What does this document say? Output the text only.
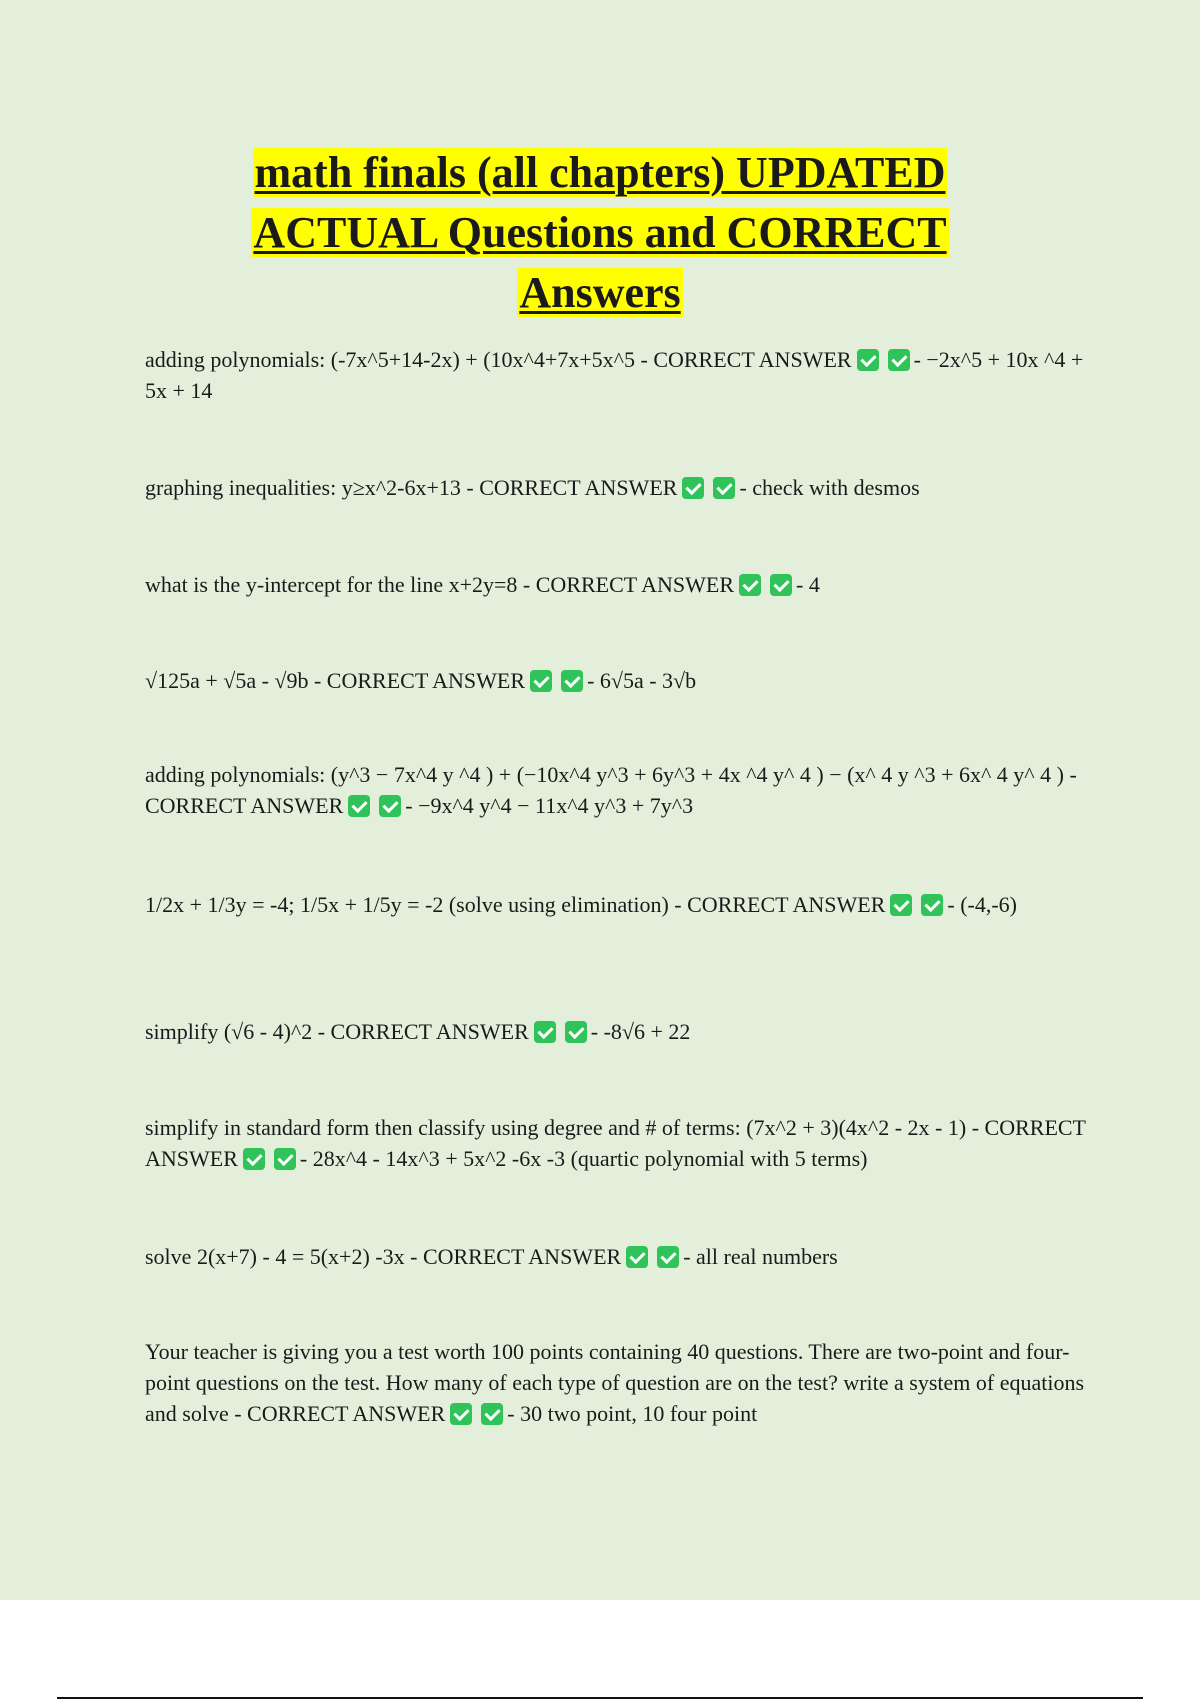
math finals (all chapters) UPDATED
ACTUAL Questions and CORRECT
Answers

adding polynomials: (-7x^5+14-2x) + (10x^4+7x+5x^5 - CORRECT ANSWER	- −2x^5 + 10x ^4 + 5x + 14

graphing inequalities: y≥x^2-6x+13 - CORRECT ANSWER	- check with desmos

what is the y-intercept for the line x+2y=8 - CORRECT ANSWER	- 4

√125a + √5a - √9b - CORRECT ANSWER	- 6√5a - 3√b

adding polynomials: (y^3 − 7x^4 y ^4 ) + (−10x^4 y^3 + 6y^3 + 4x ^4 y^ 4 ) − (x^ 4 y ^3 + 6x^ 4 y^ 4 ) - CORRECT ANSWER	- −9x^4 y^4 − 11x^4 y^3 + 7y^3

1/2x + 1/3y = -4; 1/5x + 1/5y = -2 (solve using elimination) - CORRECT ANSWER	- (-4,-6)

simplify (√6 - 4)^2 - CORRECT ANSWER	- -8√6 + 22

simplify in standard form then classify using degree and # of terms: (7x^2 + 3)(4x^2 - 2x - 1) - CORRECT ANSWER	- 28x^4 - 14x^3 + 5x^2 -6x -3 (quartic polynomial with 5 terms)

solve 2(x+7) - 4 = 5(x+2) -3x - CORRECT ANSWER	- all real numbers

Your teacher is giving you a test worth 100 points containing 40 questions. There are two-point and four-point questions on the test. How many of each type of question are on the test? write a system of equations and solve - CORRECT ANSWER	- 30 two point, 10 four point
